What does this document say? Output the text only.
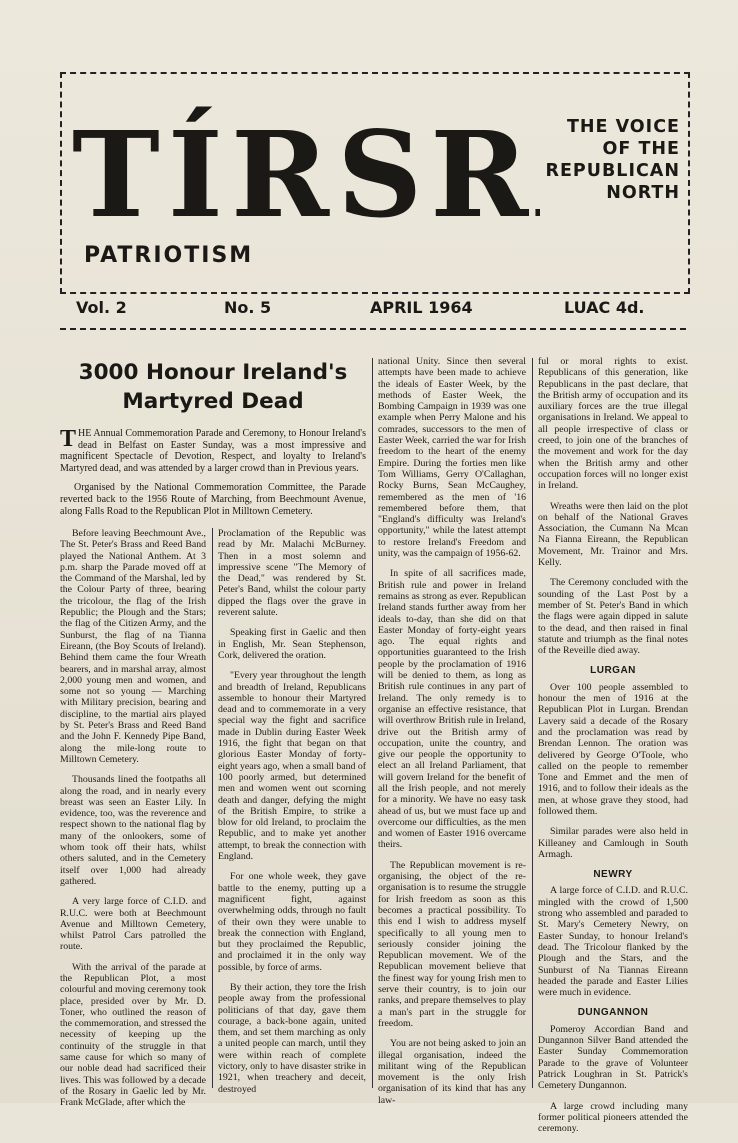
TÍRSR
PATRIOTISM
THE VOICE
OF THE
REPUBLICAN
NORTH
Vol. 2	No. 5	APRIL 1964	LUAC 4d.
3000 Honour Ireland's Martyred Dead

THE Annual Commemoration Parade and Ceremony, to Honour Ireland's dead in Belfast on Easter Sunday, was a most impressive and magnificent Spectacle of Devotion, Respect, and loyalty to Ireland's Martyred dead, and was attended by a larger crowd than in Previous years.

Organised by the National Commemoration Committee, the Parade reverted back to the 1956 Route of Marching, from Beechmount Avenue, along Falls Road to the Republican Plot in Milltown Cemetery.

Before leaving Beechmount Ave., The St. Peter's Brass and Reed Band played the National Anthem. At 3 p.m. sharp the Parade moved off at the Command of the Marshal, led by the Colour Party of three, bearing the tricolour, the flag of the Irish Republic; the Plough and the Stars; the flag of the Citizen Army, and the Sunburst, the flag of na Tianna Eireann, (the Boy Scouts of Ireland). Behind them came the four Wreath bearers, and in marshal array, almost 2,000 young men and women, and some not so young — Marching with Military precision, bearing and discipline, to the martial airs played by St. Peter's Brass and Reed Band and the John F. Kennedy Pipe Band, along the mile-long route to Milltown Cemetery.

Thousands lined the footpaths all along the road, and in nearly every breast was seen an Easter Lily. In evidence, too, was the reverence and respect shown to the national flag by many of the onlookers, some of whom took off their hats, whilst others saluted, and in the Cemetery itself over 1,000 had already gathered.

A very large force of C.I.D. and R.U.C. were both at Beechmount Avenue and Milltown Cemetery, whilst Patrol Cars patrolled the route.

With the arrival of the parade at the Republican Plot, a most colourful and moving ceremony took place, presided over by Mr. D. Toner, who outlined the reason of the commemoration, and stressed the necessity of keeping up the continuity of the struggle in that same cause for which so many of our noble dead had sacrificed their lives. This was followed by a decade of the Rosary in Gaelic led by Mr. Frank McGlade, after which the

Proclamation of the Republic was read by Mr. Malachi McBurney. Then in a most solemn and impressive scene "The Memory of the Dead," was rendered by St. Peter's Band, whilst the colour party dipped the flags over the grave in reverent salute.

Speaking first in Gaelic and then in English, Mr. Sean Stephenson, Cork, delivered the oration.

"Every year throughout the length and breadth of Ireland, Republicans assemble to honour their Martyred dead and to commemorate in a very special way the fight and sacrifice made in Dublin during Easter Week 1916, the fight that began on that glorious Easter Monday of forty-eight years ago, when a small band of 100 poorly armed, but determined men and women went out scorning death and danger, defying the might of the British Empire, to strike a blow for old Ireland, to proclaim the Republic, and to make yet another attempt, to break the connection with England.

For one whole week, they gave battle to the enemy, putting up a magnificent fight, against overwhelming odds, through no fault of their own they were unable to break the connection with England, but they proclaimed the Republic, and proclaimed it in the only way possible, by force of arms.

By their action, they tore the Irish people away from the professional politicians of that day, gave them courage, a back-bone again, united them, and set them marching as only a united people can march, until they were within reach of complete victory, only to have disaster strike in 1921, when treachery and deceit, destroyed

national Unity. Since then several attempts have been made to achieve the ideals of Easter Week, by the methods of Easter Week, the Bombing Campaign in 1939 was one example when Perry Malone and his comrades, successors to the men of Easter Week, carried the war for Irish freedom to the heart of the enemy Empire. During the forties men like Tom Williams, Gerry O'Callaghan, Rocky Burns, Sean McCaughey, remembered as the men of '16 remembered before them, that "England's difficulty was Ireland's opportunity," while the latest attempt to restore Ireland's Freedom and unity, was the campaign of 1956-62.

In spite of all sacrifices made, British rule and power in Ireland remains as strong as ever. Republican Ireland stands further away from her ideals to-day, than she did on that Easter Monday of forty-eight years ago. The equal rights and opportunities guaranteed to the Irish people by the proclamation of 1916 will be denied to them, as long as British rule continues in any part of Ireland. The only remedy is to organise an effective resistance, that will overthrow British rule in Ireland, drive out the British army of occupation, unite the country, and give our people the opportunity to elect an all Ireland Parliament, that will govern Ireland for the benefit of all the Irish people, and not merely for a minority. We have no easy task ahead of us, but we must face up and overcome our difficulties, as the men and women of Easter 1916 overcame theirs.

The Republican movement is re-organising, the object of the re-organisation is to resume the struggle for Irish freedom as soon as this becomes a practical possibility. To this end I wish to address myself specifically to all young men to seriously consider joining the Republican movement. We of the Republican movement believe that the finest way for young Irish men to serve their country, is to join our ranks, and prepare themselves to play a man's part in the struggle for freedom.

You are not being asked to join an illegal organisation, indeed the militant wing of the Republican movement is the only Irish organisation of its kind that has any law-

ful or moral rights to exist. Republicans of this generation, like Republicans in the past declare, that the British army of occupation and its auxiliary forces are the true illegal organisations in Ireland. We appeal to all people irrespective of class or creed, to join one of the branches of the movement and work for the day when the British army and other occupation forces will no longer exist in Ireland.

Wreaths were then laid on the plot on behalf of the National Graves Association, the Cumann Na Mcan Na Fianna Eireann, the Republican Movement, Mr. Trainor and Mrs. Kelly.

The Ceremony concluded with the sounding of the Last Post by a member of St. Peter's Band in which the flags were again dipped in salute to the dead, and then raised in final statute and triumph as the final notes of the Reveille died away.

LURGAN

Over 100 people assembled to honour the men of 1916 at the Republican Plot in Lurgan. Brendan Lavery said a decade of the Rosary and the proclamation was read by Brendan Lennon. The oration was delivered by George O'Toole, who called on the people to remember Tone and Emmet and the men of 1916, and to follow their ideals as the men, at whose grave they stood, had followed them.

Similar parades were also held in Killeaney and Camlough in South Armagh.

NEWRY

A large force of C.I.D. and R.U.C. mingled with the crowd of 1,500 strong who assembled and paraded to St. Mary's Cemetery Newry, on Easter Sunday, to honour Ireland's dead. The Tricolour flanked by the Plough and the Stars, and the Sunburst of Na Tiannas Eireann headed the parade and Easter Lilies were much in evidence.

DUNGANNON

Pomeroy Accordian Band and Dungannon Silver Band attended the Easter Sunday Commemoration Parade to the grave of Volunteer Patrick Loughran in St. Patrick's Cemetery Dungannon.

A large crowd including many former political pioneers attended the ceremony.
